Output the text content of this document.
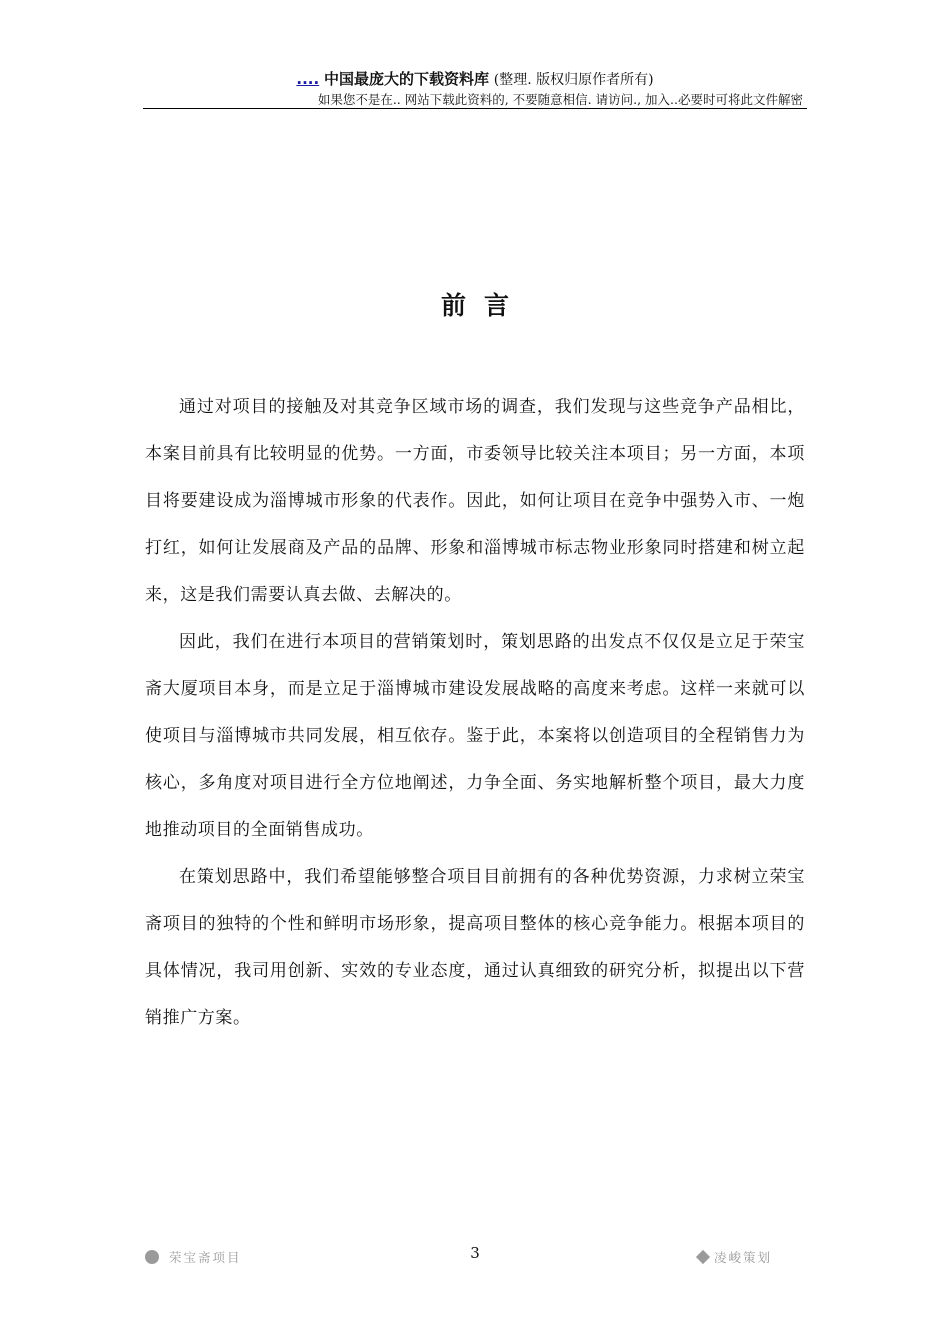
.... 中国最庞大的下载资料库 (整理. 版权归原作者所有)
如果您不是在.. 网站下载此资料的, 不要随意相信. 请访问., 加入..必要时可将此文件解密
前言

通过对项目的接触及对其竞争区域市场的调查，我们发现与这些竞争产品相比，本案目前具有比较明显的优势。一方面，市委领导比较关注本项目；另一方面，本项目将要建设成为淄博城市形象的代表作。因此，如何让项目在竞争中强势入市、一炮打红，如何让发展商及产品的品牌、形象和淄博城市标志物业形象同时搭建和树立起来，这是我们需要认真去做、去解决的。

因此，我们在进行本项目的营销策划时，策划思路的出发点不仅仅是立足于荣宝斋大厦项目本身，而是立足于淄博城市建设发展战略的高度来考虑。这样一来就可以使项目与淄博城市共同发展，相互依存。鉴于此，本案将以创造项目的全程销售力为核心，多角度对项目进行全方位地阐述，力争全面、务实地解析整个项目，最大力度地推动项目的全面销售成功。

在策划思路中，我们希望能够整合项目目前拥有的各种优势资源，力求树立荣宝斋项目的独特的个性和鲜明市场形象，提高项目整体的核心竞争能力。根据本项目的具体情况，我司用创新、实效的专业态度，通过认真细致的研究分析，拟提出以下营销推广方案。

荣宝斋项目	3	凌峻策划
